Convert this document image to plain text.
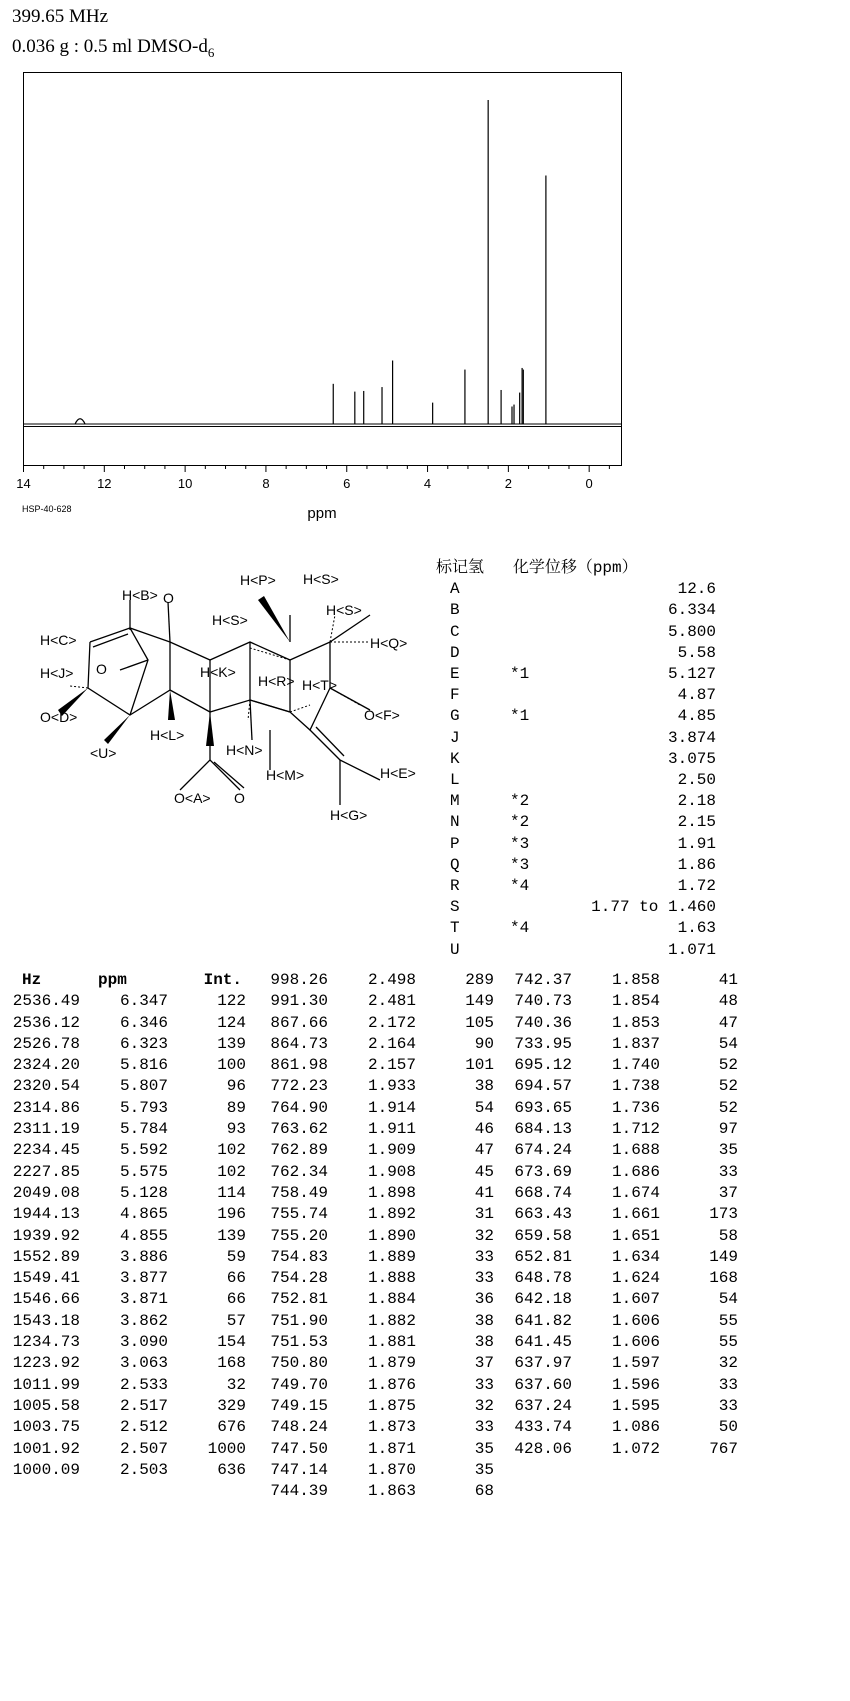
399.65 MHz
0.036 g : 0.5 ml DMSO-$d_6$
14	12	10	8	6	4	2	0
ppm
HSP-40-628
H<B> O
H<C>
O
H<J>
O<D>
<U>
H<L>
H<S>
H<K>
H<P> H<S>
H<S>
H<Q>
H<R> H<T>
O<F>
H<N>
H<M>	H<E>
H<G>
O<A> O
标记氢 化学位移（ppm）
A	12.6
B	6.334
C	5.800
D	5.58
E	*1	5.127
F	4.87
G	*1	4.85
J	3.874
K	3.075
L	2.50
M	*2	2.18
N	*2	2.15
P	*3	1.91
Q	*3	1.86
R	*4	1.72
S	1.77 to 1.460
T	*4	1.63
U	1.071
Hz	ppm	Int.
2536.49	6.347	122
2536.12	6.346	124
2526.78	6.323	139
2324.20	5.816	100
2320.54	5.807	96
2314.86	5.793	89
2311.19	5.784	93
2234.45	5.592	102
2227.85	5.575	102
2049.08	5.128	114
1944.13	4.865	196
1939.92	4.855	139
1552.89	3.886	59
1549.41	3.877	66
1546.66	3.871	66
1543.18	3.862	57
1234.73	3.090	154
1223.92	3.063	168
1011.99	2.533	32
1005.58	2.517	329
1003.75	2.512	676
1001.92	2.507	1000
1000.09	2.503	636
998.26	2.498	289
991.30	2.481	149
867.66	2.172	105
864.73	2.164	90
861.98	2.157	101
772.23	1.933	38
764.90	1.914	54
763.62	1.911	46
762.89	1.909	47
762.34	1.908	45
758.49	1.898	41
755.74	1.892	31
755.20	1.890	32
754.83	1.889	33
754.28	1.888	33
752.81	1.884	36
751.90	1.882	38
751.53	1.881	38
750.80	1.879	37
749.70	1.876	33
749.15	1.875	32
748.24	1.873	33
747.50	1.871	35
747.14	1.870	35
744.39	1.863	68
742.37	1.858	41
740.73	1.854	48
740.36	1.853	47
733.95	1.837	54
695.12	1.740	52
694.57	1.738	52
693.65	1.736	52
684.13	1.712	97
674.24	1.688	35
673.69	1.686	33
668.74	1.674	37
663.43	1.661	173
659.58	1.651	58
652.81	1.634	149
648.78	1.624	168
642.18	1.607	54
641.82	1.606	55
641.45	1.606	55
637.97	1.597	32
637.60	1.596	33
637.24	1.595	33
433.74	1.086	50
428.06	1.072	767
